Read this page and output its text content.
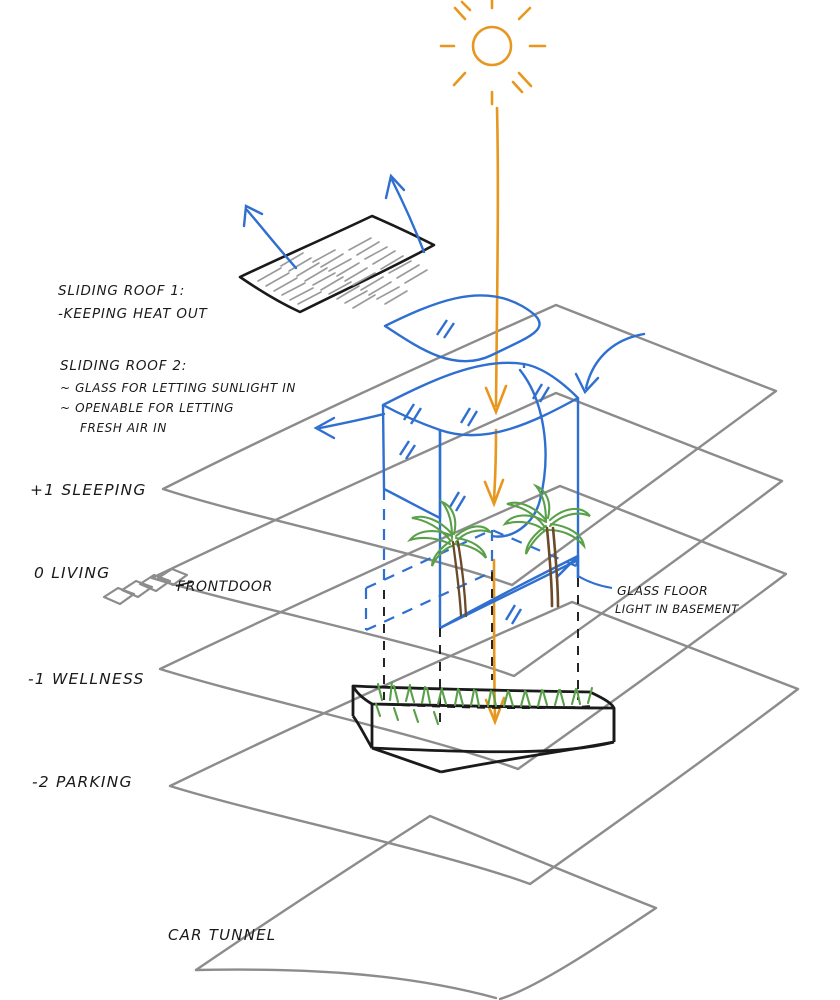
SLIDING ROOF 1:
-KEEPING HEAT OUT
SLIDING ROOF 2:
~ GLASS FOR LETTING SUNLIGHT IN
~ OPENABLE FOR LETTING
FRESH AIR IN
+1 SLEEPING
0 LIVING
-1 WELLNESS
-2 PARKING
FRONTDOOR	GLASS FLOOR
LIGHT IN BASEMENT
CAR TUNNEL
